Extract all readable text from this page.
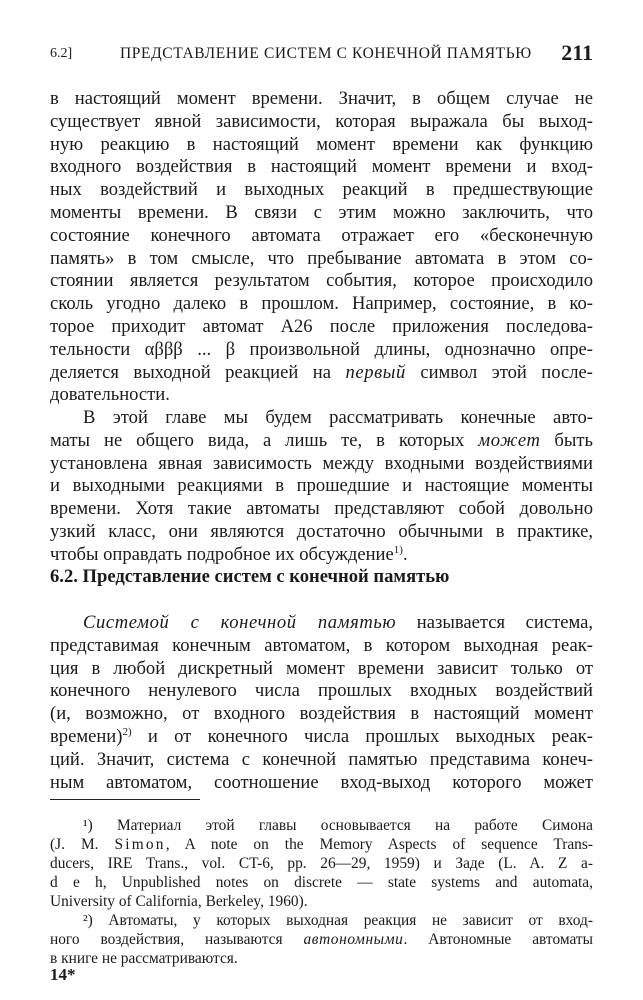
6.2]	ПРЕДСТАВЛЕНИЕ СИСТЕМ С КОНЕЧНОЙ ПАМЯТЬЮ 211
в настоящий момент времени. Значит, в общем случае не
существует явной зависимости, которая выражала бы выход-
ную реакцию в настоящий момент времени как функцию
входного воздействия в настоящий момент времени и вход-
ных воздействий и выходных реакций в предшествующие
моменты времени. В связи с этим можно заключить, что
состояние конечного автомата отражает его «бесконечную
память» в том смысле, что пребывание автомата в этом со-
стоянии является результатом события, которое происходило
сколь угодно далеко в прошлом. Например, состояние, в ко-
торое приходит автомат A26 после приложения последова-
тельности αβββ ... β произвольной длины, однозначно опре-
деляется выходной реакцией на первый символ этой после-
довательности.
В этой главе мы будем рассматривать конечные авто-
маты не общего вида, а лишь те, в которых может быть
установлена явная зависимость между входными воздействиями
и выходными реакциями в прошедшие и настоящие моменты
времени. Хотя такие автоматы представляют собой довольно
узкий класс, они являются достаточно обычными в практике,
чтобы оправдать подробное их обсуждение$^{1)}$.
6.2. Представление систем с конечной памятью
Системой с конечной памятью называется система,
представимая конечным автоматом, в котором выходная реак-
ция в любой дискретный момент времени зависит только от
конечного ненулевого числа прошлых входных воздействий
(и, возможно, от входного воздействия в настоящий момент
времени)$^{2)}$ и от конечного числа прошлых выходных реак-
ций. Значит, система с конечной памятью представима конеч-
ным автоматом, соотношение вход-выход которого может
¹) Материал этой главы основывается на работе Симона
(J. M. Simon, A note on the Memory Aspects of sequence Trans-
ducers, IRE Trans., vol. CT-6, pp. 26—29, 1959) и Заде (L. A. Z a-
d e h, Unpublished notes on discrete — state systems and automata,
University of California, Berkeley, 1960).
²) Автоматы, у которых выходная реакция не зависит от вход-
ного воздействия, называются автономными. Автономные автоматы
в книге не рассматриваются.
14*
